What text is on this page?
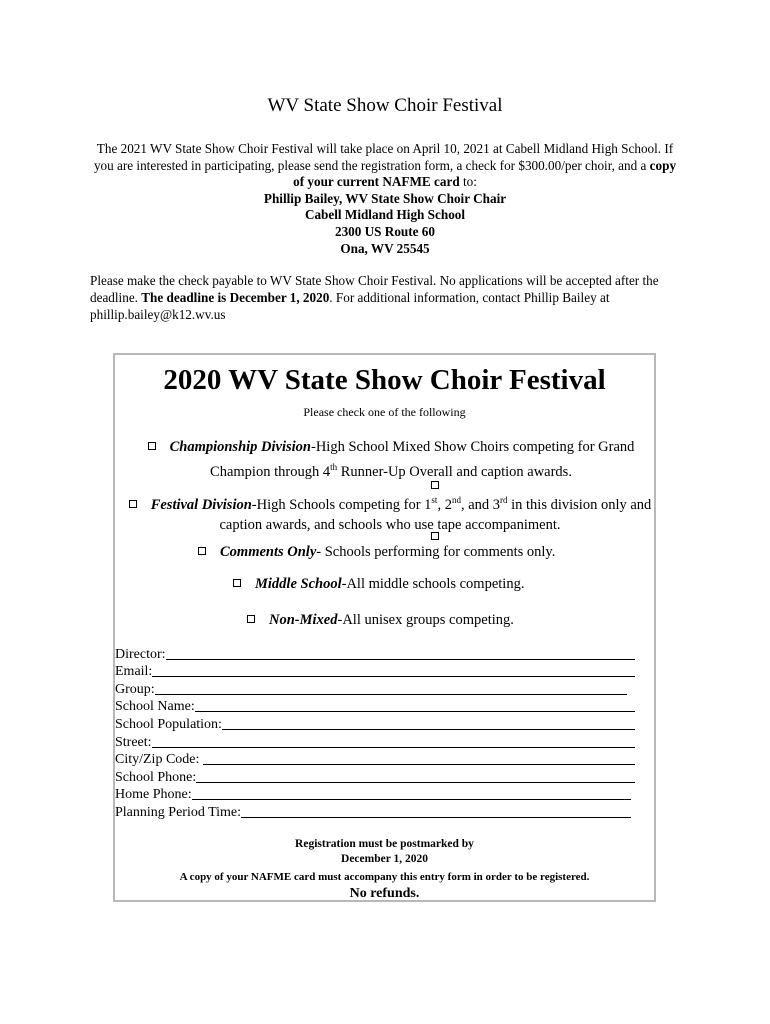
WV State Show Choir Festival
The 2021 WV State Show Choir Festival will take place on April 10, 2021 at Cabell Midland High School. If you are interested in participating, please send the registration form, a check for $300.00/per choir, and a copy of your current NAFME card to:
Phillip Bailey, WV State Show Choir Chair
Cabell Midland High School
2300 US Route 60
Ona, WV 25545
Please make the check payable to WV State Show Choir Festival. No applications will be accepted after the deadline. The deadline is December 1, 2020. For additional information, contact Phillip Bailey at phillip.bailey@k12.wv.us
2020 WV State Show Choir Festival
Please check one of the following
Championship Division-High School Mixed Show Choirs competing for Grand Champion through 4th Runner-Up Overall and caption awards.
Festival Division-High Schools competing for 1st, 2nd, and 3rd in this division only and caption awards, and schools who use tape accompaniment.
Comments Only- Schools performing for comments only.
Middle School-All middle schools competing.
Non-Mixed-All unisex groups competing.
Director:
Email:
Group:
School Name:
School Population:
Street:
City/Zip Code:
School Phone:
Home Phone:
Planning Period Time:
Registration must be postmarked by
December 1, 2020
A copy of your NAFME card must accompany this entry form in order to be registered.
No refunds.
